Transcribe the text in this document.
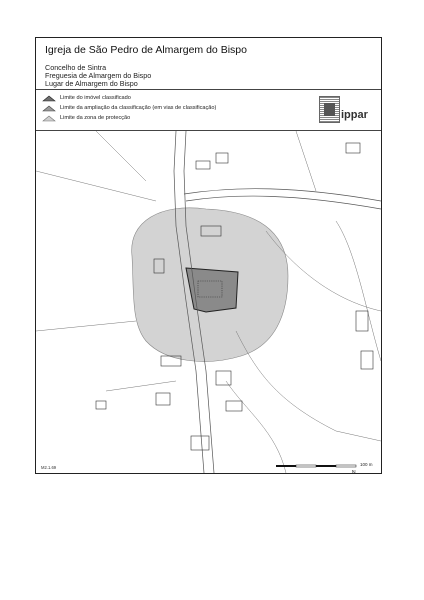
Igreja de São Pedro de Almargem do Bispo
Concelho de Sintra
Freguesia de Almargem do Bispo
Lugar de Almargem do Bispo
Limite do imóvel classificado
Limite da ampliação da classificação (em vias de classificação)
Limite da zona de protecção	ippar
N
100 m
M2.1.69
